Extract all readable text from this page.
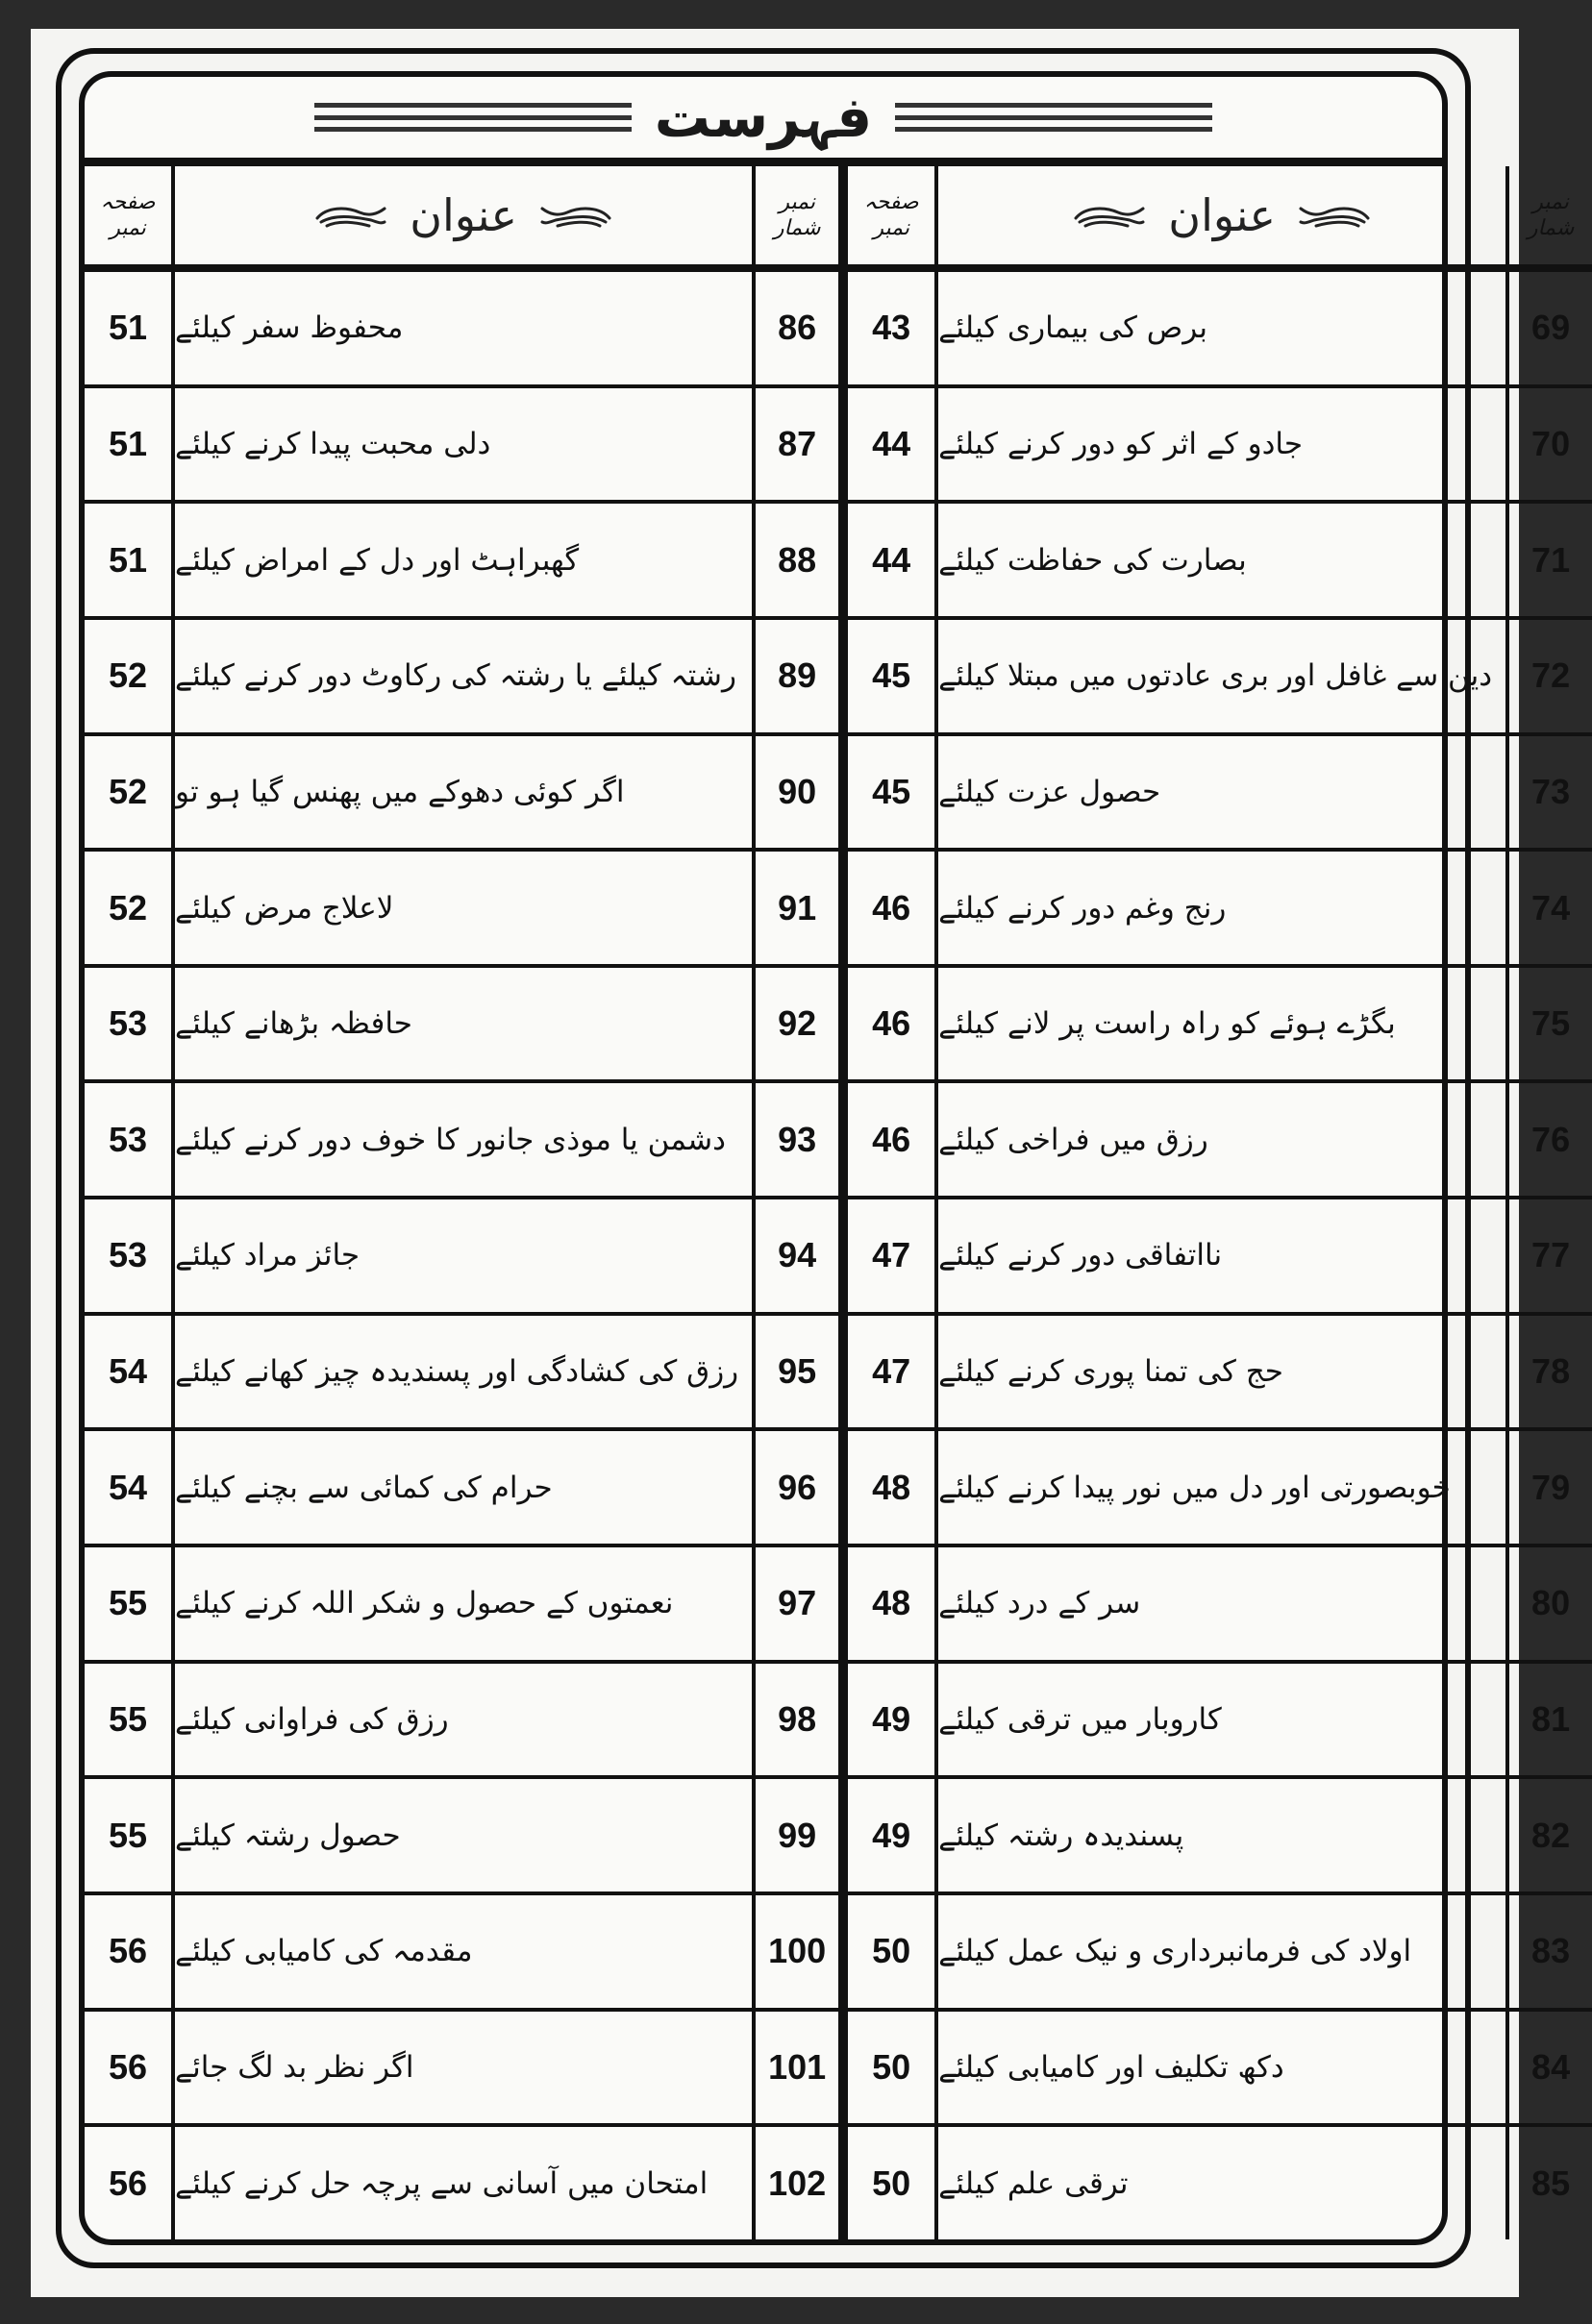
فہرست
نمبر
شمار
عنوان
صفحہ
نمبر
86
محفوظ سفر کیلئے
51
87
دلی محبت پیدا کرنے کیلئے
51
88
گھبراہٹ اور دل کے امراض کیلئے
51
89
رشتہ کیلئے یا رشتہ کی رکاوٹ دور کرنے کیلئے
52
90
اگر کوئی دھوکے میں پھنس گیا ہو تو
52
91
لاعلاج مرض کیلئے
52
92
حافظہ بڑھانے کیلئے
53
93
دشمن یا موذی جانور کا خوف دور کرنے کیلئے
53
94
جائز مراد کیلئے
53
95
رزق کی کشادگی اور پسندیدہ چیز کھانے کیلئے
54
96
حرام کی کمائی سے بچنے کیلئے
54
97
نعمتوں کے حصول و شکر اللہ کرنے کیلئے
55
98
رزق کی فراوانی کیلئے
55
99
حصول رشتہ کیلئے
55
100
مقدمہ کی کامیابی کیلئے
56
101
اگر نظر بد لگ جائے
56
102
امتحان میں آسانی سے پرچہ حل کرنے کیلئے
56
نمبر
شمار
عنوان
صفحہ
نمبر
69
برص کی بیماری کیلئے
43
70
جادو کے اثر کو دور کرنے کیلئے
44
71
بصارت کی حفاظت کیلئے
44
72
دین سے غافل اور بری عادتوں میں مبتلا کیلئے
45
73
حصول عزت کیلئے
45
74
رنج وغم دور کرنے کیلئے
46
75
بگڑے ہوئے کو راہ راست پر لانے کیلئے
46
76
رزق میں فراخی کیلئے
46
77
نااتفاقی دور کرنے کیلئے
47
78
حج کی تمنا پوری کرنے کیلئے
47
79
خوبصورتی اور دل میں نور پیدا کرنے کیلئے
48
80
سر کے درد کیلئے
48
81
کاروبار میں ترقی کیلئے
49
82
پسندیدہ رشتہ کیلئے
49
83
اولاد کی فرمانبرداری و نیک عمل کیلئے
50
84
دکھ تکلیف اور کامیابی کیلئے
50
85
ترقی علم کیلئے
50
